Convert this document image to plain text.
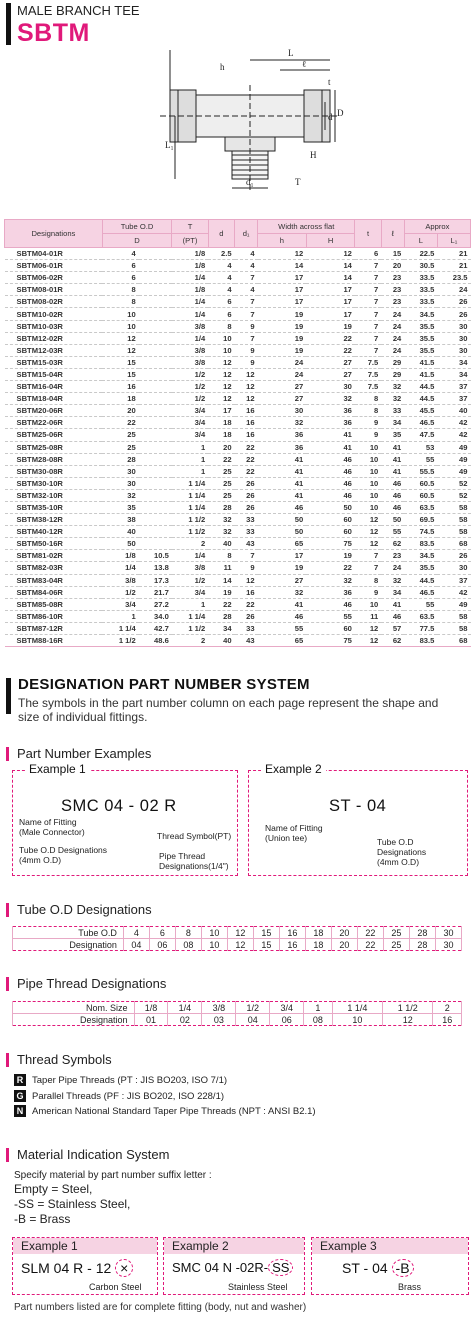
MALE BRANCH TEE
SBTM
L
ℓ
h
t
d D
L₁
H
d₁	T
Designations	Tube O.D		T	d	d₁	Width across flat		t	ℓ	Approx	
	D		(PT)			h	H			L	L₁
SBTM04-01R	4		1/8	2.5	4	12	12	6	15	22.5	21
SBTM06-01R	6		1/8	4	4	14	14	7	20	30.5	21
SBTM06-02R	6		1/4	4	7	17	14	7	23	33.5	23.5
SBTM08-01R	8		1/8	4	4	17	17	7	23	33.5	24
SBTM08-02R	8		1/4	6	7	17	17	7	23	33.5	26
SBTM10-02R	10		1/4	6	7	19	17	7	24	34.5	26
SBTM10-03R	10		3/8	8	9	19	19	7	24	35.5	30
SBTM12-02R	12		1/4	10	7	19	22	7	24	35.5	30
SBTM12-03R	12		3/8	10	9	19	22	7	24	35.5	30
SBTM15-03R	15		3/8	12	9	24	27	7.5	29	41.5	34
SBTM15-04R	15		1/2	12	12	24	27	7.5	29	41.5	34
SBTM16-04R	16		1/2	12	12	27	30	7.5	32	44.5	37
SBTM18-04R	18		1/2	12	12	27	32	8	32	44.5	37
SBTM20-06R	20		3/4	17	16	30	36	8	33	45.5	40
SBTM22-06R	22		3/4	18	16	32	36	9	34	46.5	42
SBTM25-06R	25		3/4	18	16	36	41	9	35	47.5	42
SBTM25-08R	25		1	20	22	36	41	10	41	53	49
SBTM28-08R	28		1	22	22	41	46	10	41	55	49
SBTM30-08R	30		1	25	22	41	46	10	41	55.5	49
SBTM30-10R	30		1 1/4	25	26	41	46	10	46	60.5	52
SBTM32-10R	32		1 1/4	25	26	41	46	10	46	60.5	52
SBTM35-10R	35		1 1/4	28	26	46	50	10	46	63.5	58
SBTM38-12R	38		1 1/2	32	33	50	60	12	50	69.5	58
SBTM40-12R	40		1 1/2	32	33	50	60	12	55	74.5	58
SBTM50-16R	50		2	40	43	65	75	12	62	83.5	68
SBTM81-02R	1/8	10.5	1/4	8	7	17	19	7	23	34.5	26
SBTM82-03R	1/4	13.8	3/8	11	9	19	22	7	24	35.5	30
SBTM83-04R	3/8	17.3	1/2	14	12	27	32	8	32	44.5	37
SBTM84-06R	1/2	21.7	3/4	19	16	32	36	9	34	46.5	42
SBTM85-08R	3/4	27.2	1	22	22	41	46	10	41	55	49
SBTM86-10R	1	34.0	1 1/4	28	26	46	55	11	46	63.5	58
SBTM87-12R	1 1/4	42.7	1 1/2	34	33	55	60	12	57	77.5	58
SBTM88-16R	1 1/2	48.6	2	40	43	65	75	12	62	83.5	68
DESIGNATION PART NUMBER SYSTEM
The symbols in the part number column on each page represent the shape and size of individual fittings.
Part Number Examples
Example 1
SMC 04 - 02 R
Name of Fitting
(Male Connector)
Tube O.D Designations
(4mm O.D)
Thread Symbol(PT)
Pipe Thread
Designations(1/4")
Example 2
ST - 04
Name of Fitting
(Union tee)	Tube O.D
Designations
(4mm O.D)
Tube O.D Designations
Tube O.D	4	6	8	10	12	15	16	18	20	22	25	28	30
Designation	04	06	08	10	12	15	16	18	20	22	25	28	30
Pipe Thread Designations
Nom. Size	1/8	1/4	3/8	1/2	3/4	1	1 1/4	1 1/2	2
Designation	01	02	03	04	06	08	10	12	16
Thread Symbols
R Taper Pipe Threads (PT : JIS BO203, ISO 7/1)
G Parallel Threads (PF : JIS BO202, ISO 228/1)
N American National Standard Taper Pipe Threads (NPT : ANSI B2.1)
Material Indication System
Specify material by part number suffix letter :
Empty = Steel,
-SS = Stainless Steel,
-B = Brass
Example 1
SLM 04 R - 12 ×
Carbon Steel
Example 2
SMC 04 N -02R- SS
Stainless Steel
Example 3
ST - 04 -B
Brass
Part numbers listed are for complete fitting (body, nut and washer)
